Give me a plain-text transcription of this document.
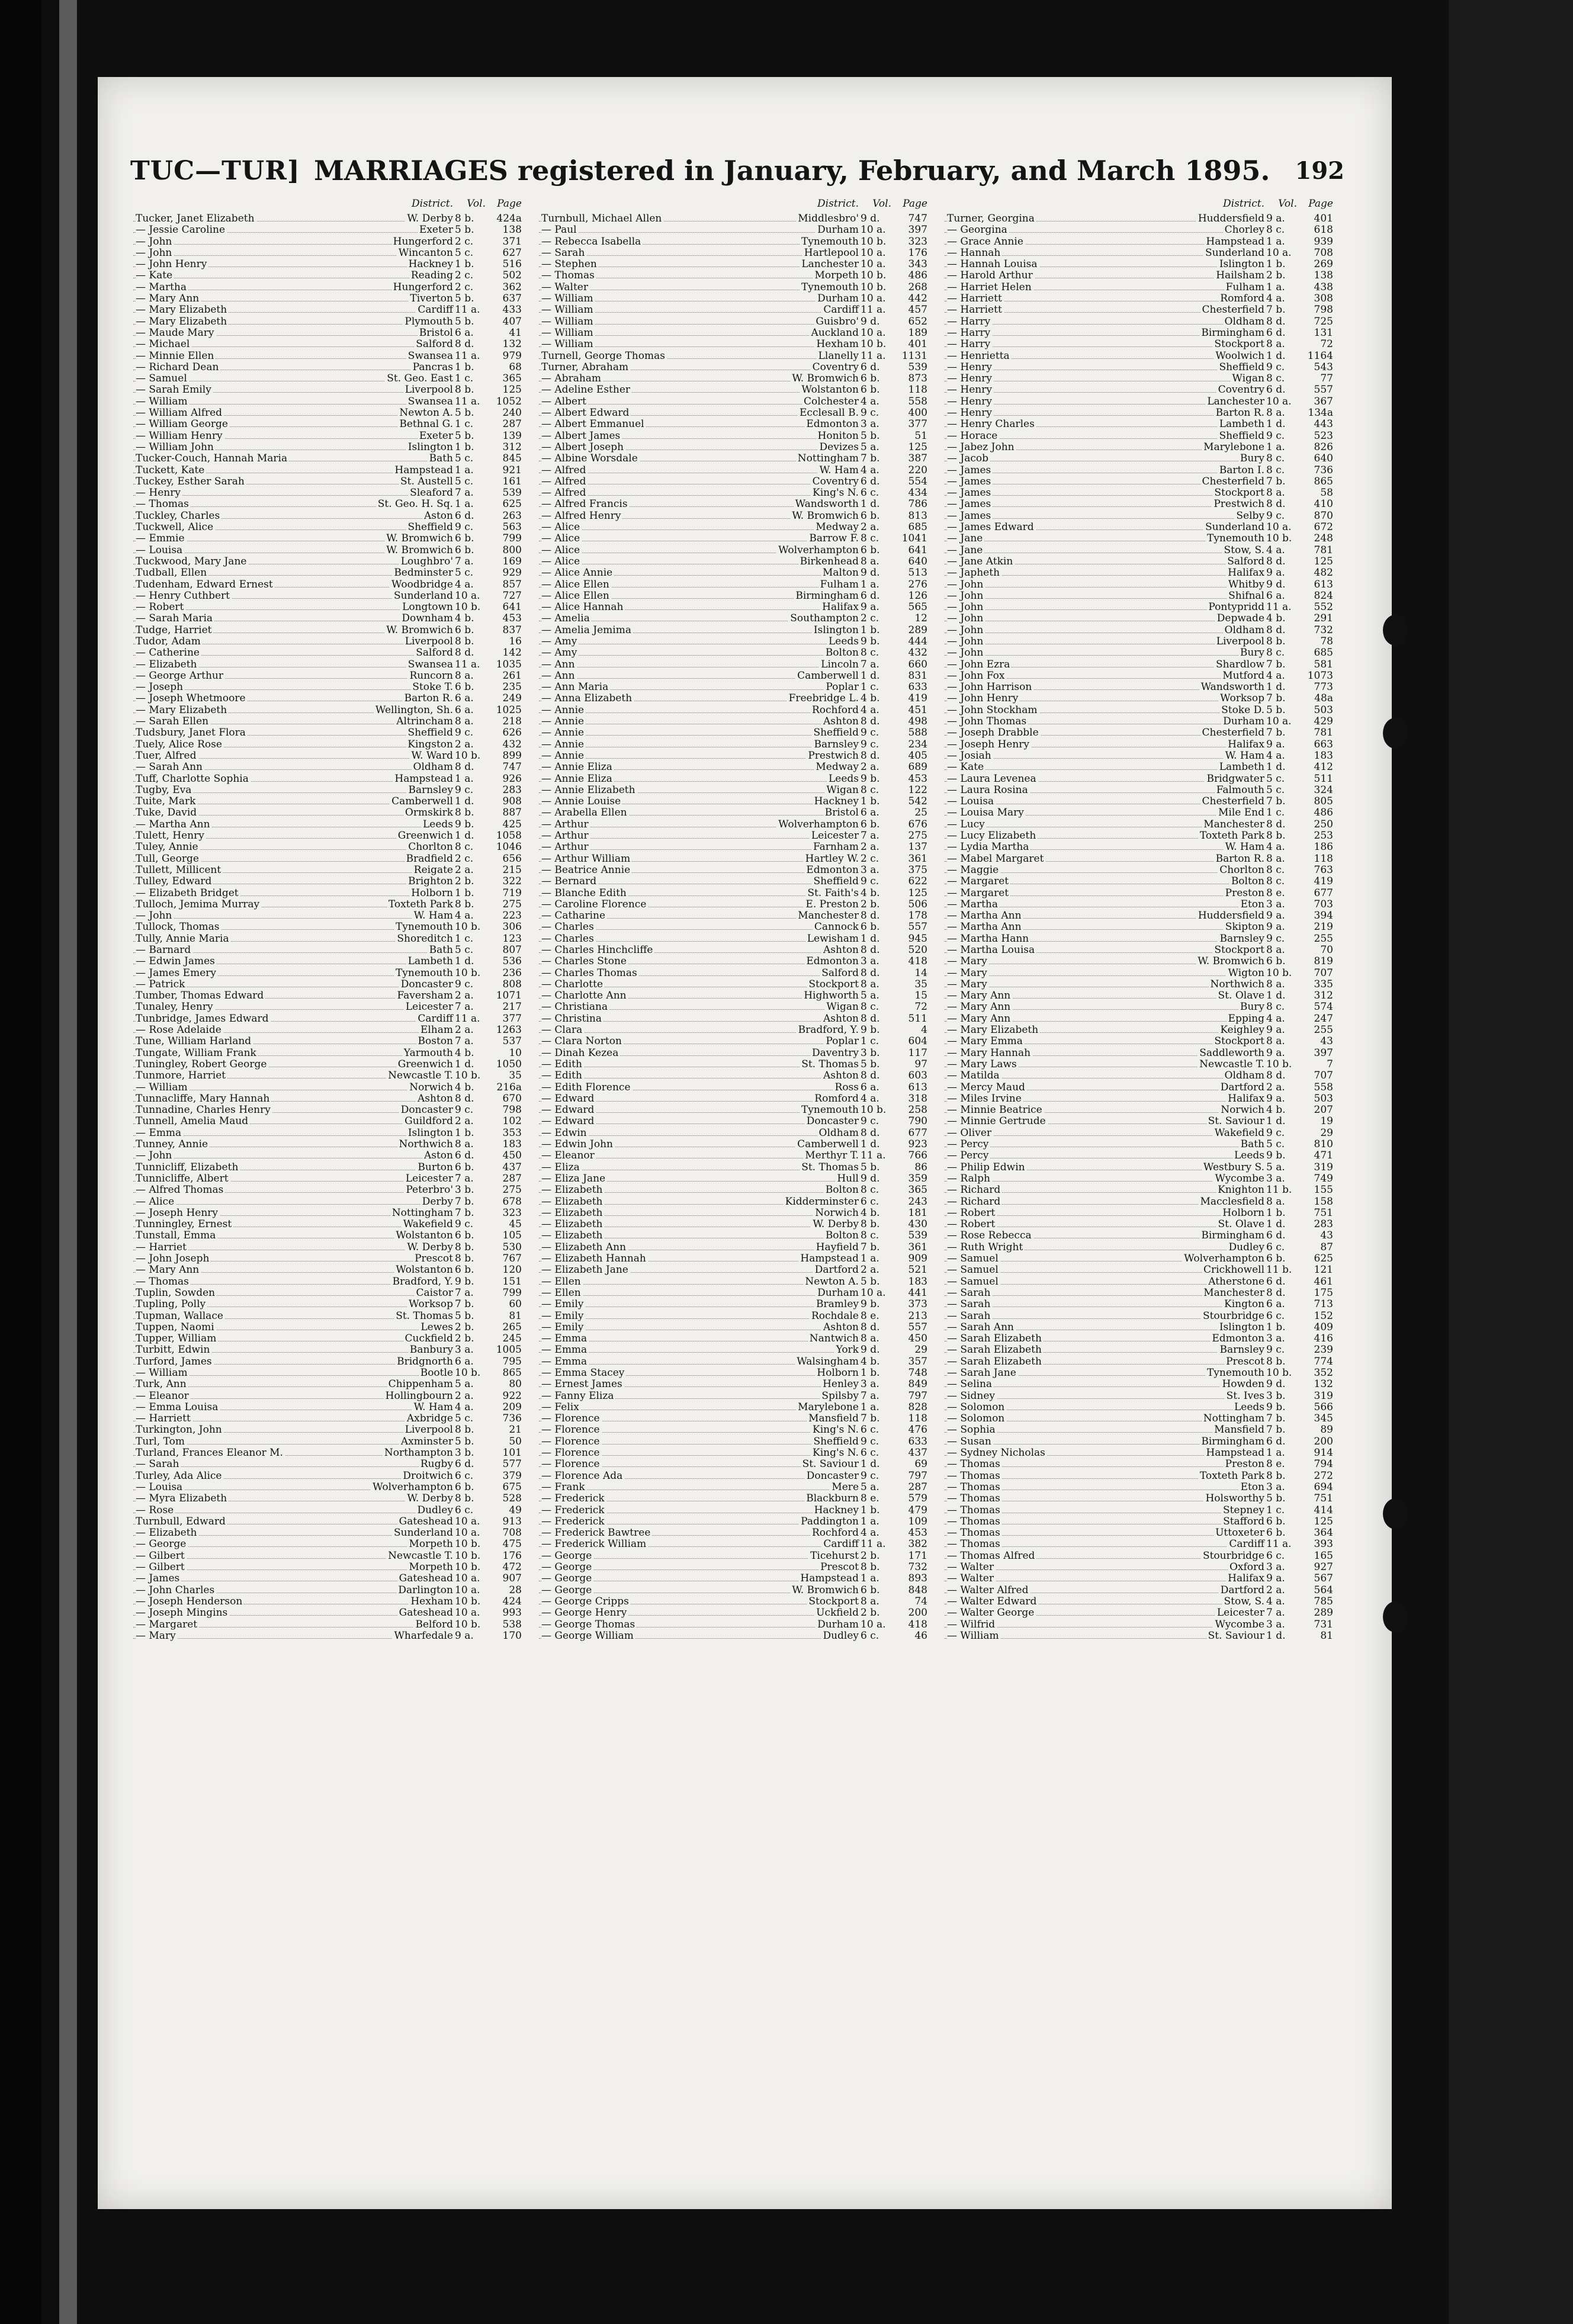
TUC—TUR] MARRIAGES registered in January, February, and March 1895. 192
District. Vol. Page
Tucker, Janet Elizabeth	W. Derby 8 b.	424a
— Jessie Caroline	Exeter 5 b.	138
— John	Hungerford 2 c.	371
— John	Wincanton 5 c.	627
— John Henry	Hackney 1 b.	516
— Kate	Reading 2 c.	502
— Martha	Hungerford 2 c.	362
— Mary Ann	Tiverton 5 b.	637
— Mary Elizabeth	Cardiff 11 a.	433
— Mary Elizabeth	Plymouth 5 b.	407
— Maude Mary	Bristol 6 a.	41
— Michael	Salford 8 d.	132
— Minnie Ellen	Swansea 11 a.	979
— Richard Dean	Pancras 1 b.	68
— Samuel	St. Geo. East 1 c.	365
— Sarah Emily	Liverpool 8 b.	125
— William	Swansea 11 a.	1052
— William Alfred	Newton A. 5 b.	240
— William George	Bethnal G. 1 c.	287
— William Henry	Exeter 5 b.	139
— William John	Islington 1 b.	312
Tucker-Couch, Hannah Maria	Bath 5 c.	845
Tuckett, Kate	Hampstead 1 a.	921
Tuckey, Esther Sarah	St. Austell 5 c.	161
— Henry	Sleaford 7 a.	539
— Thomas	St. Geo. H. Sq. 1 a.	625
Tuckley, Charles	Aston 6 d.	263
Tuckwell, Alice	Sheffield 9 c.	563
— Emmie	W. Bromwich 6 b.	799
— Louisa	W. Bromwich 6 b.	800
Tuckwood, Mary Jane	Loughbro' 7 a.	169
Tudball, Ellen	Bedminster 5 c.	929
Tudenham, Edward Ernest	Woodbridge 4 a.	857
— Henry Cuthbert	Sunderland 10 a.	727
— Robert	Longtown 10 b.	641
— Sarah Maria	Downham 4 b.	453
Tudge, Harriet	W. Bromwich 6 b.	837
Tudor, Adam	Liverpool 8 b.	16
— Catherine	Salford 8 d.	142
— Elizabeth	Swansea 11 a.	1035
— George Arthur	Runcorn 8 a.	261
— Joseph	Stoke T. 6 b.	235
— Joseph Whetmoore	Barton R. 6 a.	249
— Mary Elizabeth	Wellington, Sh. 6 a.	1025
— Sarah Ellen	Altrincham 8 a.	218
Tudsbury, Janet Flora	Sheffield 9 c.	626
Tuely, Alice Rose	Kingston 2 a.	432
Tuer, Alfred	W. Ward 10 b.	899
— Sarah Ann	Oldham 8 d.	747
Tuff, Charlotte Sophia	Hampstead 1 a.	926
Tugby, Eva	Barnsley 9 c.	283
Tuite, Mark	Camberwell 1 d.	908
Tuke, David	Ormskirk 8 b.	887
— Martha Ann	Leeds 9 b.	425
Tulett, Henry	Greenwich 1 d.	1058
Tuley, Annie	Chorlton 8 c.	1046
Tull, George	Bradfield 2 c.	656
Tullett, Millicent	Reigate 2 a.	215
Tulley, Edward	Brighton 2 b.	322
— Elizabeth Bridget	Holborn 1 b.	719
Tulloch, Jemima Murray	Toxteth Park 8 b.	275
— John	W. Ham 4 a.	223
Tullock, Thomas	Tynemouth 10 b.	306
Tully, Annie Maria	Shoreditch 1 c.	123
— Barnard	Bath 5 c.	807
— Edwin James	Lambeth 1 d.	536
— James Emery	Tynemouth 10 b.	236
— Patrick	Doncaster 9 c.	808
Tumber, Thomas Edward	Faversham 2 a.	1071
Tunaley, Henry	Leicester 7 a.	217
Tunbridge, James Edward	Cardiff 11 a.	377
— Rose Adelaide	Elham 2 a.	1263
Tune, William Harland	Boston 7 a.	537
Tungate, William Frank	Yarmouth 4 b.	10
Tuningley, Robert George	Greenwich 1 d.	1050
Tunmore, Harriet	Newcastle T. 10 b.	35
— William	Norwich 4 b.	216a
Tunnacliffe, Mary Hannah	Ashton 8 d.	670
Tunnadine, Charles Henry	Doncaster 9 c.	798
Tunnell, Amelia Maud	Guildford 2 a.	102
— Emma	Islington 1 b.	353
Tunney, Annie	Northwich 8 a.	183
— John	Aston 6 d.	450
Tunnicliff, Elizabeth	Burton 6 b.	437
Tunnicliffe, Albert	Leicester 7 a.	287
— Alfred Thomas	Peterbro' 3 b.	275
— Alice	Derby 7 b.	678
— Joseph Henry	Nottingham 7 b.	323
Tunningley, Ernest	Wakefield 9 c.	45
Tunstall, Emma	Wolstanton 6 b.	105
— Harriet	W. Derby 8 b.	530
— John Joseph	Prescot 8 b.	767
— Mary Ann	Wolstanton 6 b.	120
— Thomas	Bradford, Y. 9 b.	151
Tuplin, Sowden	Caistor 7 a.	799
Tupling, Polly	Worksop 7 b.	60
Tupman, Wallace	St. Thomas 5 b.	81
Tuppen, Naomi	Lewes 2 b.	265
Tupper, William	Cuckfield 2 b.	245
Turbitt, Edwin	Banbury 3 a.	1005
Turford, James	Bridgnorth 6 a.	795
— William	Bootle 10 b.	865
Turk, Ann	Chippenham 5 a.	80
— Eleanor	Hollingbourn 2 a.	922
— Emma Louisa	W. Ham 4 a.	209
— Harriett	Axbridge 5 c.	736
Turkington, John	Liverpool 8 b.	21
Turl, Tom	Axminster 5 b.	50
Turland, Frances Eleanor M.	Northampton 3 b.	101
— Sarah	Rugby 6 d.	577
Turley, Ada Alice	Droitwich 6 c.	379
— Louisa	Wolverhampton 6 b.	675
— Myra Elizabeth	W. Derby 8 b.	528
— Rose	Dudley 6 c.	49
Turnbull, Edward	Gateshead 10 a.	913
— Elizabeth	Sunderland 10 a.	708
— George	Morpeth 10 b.	475
— Gilbert	Newcastle T. 10 b.	176
— Gilbert	Morpeth 10 b.	472
— James	Gateshead 10 a.	907
— John Charles	Darlington 10 a.	28
— Joseph Henderson	Hexham 10 b.	424
— Joseph Mingins	Gateshead 10 a.	993
— Margaret	Belford 10 b.	538
— Mary	Wharfedale 9 a.	170
District. Vol. Page
Turnbull, Michael Allen	Middlesbro' 9 d.	747
— Paul	Durham 10 a.	397
— Rebecca Isabella	Tynemouth 10 b.	323
— Sarah	Hartlepool 10 a.	176
— Stephen	Lanchester 10 a.	343
— Thomas	Morpeth 10 b.	486
— Walter	Tynemouth 10 b.	268
— William	Durham 10 a.	442
— William	Cardiff 11 a.	457
— William	Guisbro' 9 d.	652
— William	Auckland 10 a.	189
— William	Hexham 10 b.	401
Turnell, George Thomas	Llanelly 11 a.	1131
Turner, Abraham	Coventry 6 d.	539
— Abraham	W. Bromwich 6 b.	873
— Adeline Esther	Wolstanton 6 b.	118
— Albert	Colchester 4 a.	558
— Albert Edward	Ecclesall B. 9 c.	400
— Albert Emmanuel	Edmonton 3 a.	377
— Albert James	Honiton 5 b.	51
— Albert Joseph	Devizes 5 a.	125
— Albine Worsdale	Nottingham 7 b.	387
— Alfred	W. Ham 4 a.	220
— Alfred	Coventry 6 d.	554
— Alfred	King's N. 6 c.	434
— Alfred Francis	Wandsworth 1 d.	786
— Alfred Henry	W. Bromwich 6 b.	813
— Alice	Medway 2 a.	685
— Alice	Barrow F. 8 c.	1041
— Alice	Wolverhampton 6 b.	641
— Alice	Birkenhead 8 a.	640
— Alice Annie	Malton 9 d.	513
— Alice Ellen	Fulham 1 a.	276
— Alice Ellen	Birmingham 6 d.	126
— Alice Hannah	Halifax 9 a.	565
— Amelia	Southampton 2 c.	12
— Amelia Jemima	Islington 1 b.	289
— Amy	Leeds 9 b.	444
— Amy	Bolton 8 c.	432
— Ann	Lincoln 7 a.	660
— Ann	Camberwell 1 d.	831
— Ann Maria	Poplar 1 c.	633
— Anna Elizabeth	Freebridge L. 4 b.	419
— Annie	Rochford 4 a.	451
— Annie	Ashton 8 d.	498
— Annie	Sheffield 9 c.	588
— Annie	Barnsley 9 c.	234
— Annie	Prestwich 8 d.	405
— Annie Eliza	Medway 2 a.	689
— Annie Eliza	Leeds 9 b.	453
— Annie Elizabeth	Wigan 8 c.	122
— Annie Louise	Hackney 1 b.	542
— Arabella Ellen	Bristol 6 a.	25
— Arthur	Wolverhampton 6 b.	676
— Arthur	Leicester 7 a.	275
— Arthur	Farnham 2 a.	137
— Arthur William	Hartley W. 2 c.	361
— Beatrice Annie	Edmonton 3 a.	375
— Bernard	Sheffield 9 c.	622
— Blanche Edith	St. Faith's 4 b.	125
— Caroline Florence	E. Preston 2 b.	506
— Catharine	Manchester 8 d.	178
— Charles	Cannock 6 b.	557
— Charles	Lewisham 1 d.	945
— Charles Hinchcliffe	Ashton 8 d.	520
— Charles Stone	Edmonton 3 a.	418
— Charles Thomas	Salford 8 d.	14
— Charlotte	Stockport 8 a.	35
— Charlotte Ann	Highworth 5 a.	15
— Christiana	Wigan 8 c.	72
— Christina	Ashton 8 d.	511
— Clara	Bradford, Y. 9 b.	4
— Clara Norton	Poplar 1 c.	604
— Dinah Kezea	Daventry 3 b.	117
— Edith	St. Thomas 5 b.	97
— Edith	Ashton 8 d.	603
— Edith Florence	Ross 6 a.	613
— Edward	Romford 4 a.	318
— Edward	Tynemouth 10 b.	258
— Edward	Doncaster 9 c.	790
— Edwin	Oldham 8 d.	677
— Edwin John	Camberwell 1 d.	923
— Eleanor	Merthyr T. 11 a.	766
— Eliza	St. Thomas 5 b.	86
— Eliza Jane	Hull 9 d.	359
— Elizabeth	Bolton 8 c.	365
— Elizabeth	Kidderminster 6 c.	243
— Elizabeth	Norwich 4 b.	181
— Elizabeth	W. Derby 8 b.	430
— Elizabeth	Bolton 8 c.	539
— Elizabeth Ann	Hayfield 7 b.	361
— Elizabeth Hannah	Hampstead 1 a.	909
— Elizabeth Jane	Dartford 2 a.	521
— Ellen	Newton A. 5 b.	183
— Ellen	Durham 10 a.	441
— Emily	Bramley 9 b.	373
— Emily	Rochdale 8 e.	213
— Emily	Ashton 8 d.	557
— Emma	Nantwich 8 a.	450
— Emma	York 9 d.	29
— Emma	Walsingham 4 b.	357
— Emma Stacey	Holborn 1 b.	748
— Ernest James	Henley 3 a.	849
— Fanny Eliza	Spilsby 7 a.	797
— Felix	Marylebone 1 a.	828
— Florence	Mansfield 7 b.	118
— Florence	King's N. 6 c.	476
— Florence	Sheffield 9 c.	633
— Florence	King's N. 6 c.	437
— Florence	St. Saviour 1 d.	69
— Florence Ada	Doncaster 9 c.	797
— Frank	Mere 5 a.	287
— Frederick	Blackburn 8 e.	579
— Frederick	Hackney 1 b.	479
— Frederick	Paddington 1 a.	109
— Frederick Bawtree	Rochford 4 a.	453
— Frederick William	Cardiff 11 a.	382
— George	Ticehurst 2 b.	171
— George	Prescot 8 b.	732
— George	Hampstead 1 a.	893
— George	W. Bromwich 6 b.	848
— George Cripps	Stockport 8 a.	74
— George Henry	Uckfield 2 b.	200
— George Thomas	Durham 10 a.	418
— George William	Dudley 6 c.	46
District. Vol. Page
Turner, Georgina	Huddersfield 9 a.	401
— Georgina	Chorley 8 c.	618
— Grace Annie	Hampstead 1 a.	939
— Hannah	Sunderland 10 a.	708
— Hannah Louisa	Islington 1 b.	269
— Harold Arthur	Hailsham 2 b.	138
— Harriet Helen	Fulham 1 a.	438
— Harriett	Romford 4 a.	308
— Harriett	Chesterfield 7 b.	798
— Harry	Oldham 8 d.	725
— Harry	Birmingham 6 d.	131
— Harry	Stockport 8 a.	72
— Henrietta	Woolwich 1 d.	1164
— Henry	Sheffield 9 c.	543
— Henry	Wigan 8 c.	77
— Henry	Coventry 6 d.	557
— Henry	Lanchester 10 a.	367
— Henry	Barton R. 8 a.	134a
— Henry Charles	Lambeth 1 d.	443
— Horace	Sheffield 9 c.	523
— Jabez John	Marylebone 1 a.	826
— Jacob	Bury 8 c.	640
— James	Barton I. 8 c.	736
— James	Chesterfield 7 b.	865
— James	Stockport 8 a.	58
— James	Prestwich 8 d.	410
— James	Selby 9 c.	870
— James Edward	Sunderland 10 a.	672
— Jane	Tynemouth 10 b.	248
— Jane	Stow, S. 4 a.	781
— Jane Atkin	Salford 8 d.	125
— Japheth	Halifax 9 a.	482
— John	Whitby 9 d.	613
— John	Shifnal 6 a.	824
— John	Pontypridd 11 a.	552
— John	Depwade 4 b.	291
— John	Oldham 8 d.	732
— John	Liverpool 8 b.	78
— John	Bury 8 c.	685
— John Ezra	Shardlow 7 b.	581
— John Fox	Mutford 4 a.	1073
— John Harrison	Wandsworth 1 d.	773
— John Henry	Worksop 7 b.	48a
— John Stockham	Stoke D. 5 b.	503
— John Thomas	Durham 10 a.	429
— Joseph Drabble	Chesterfield 7 b.	781
— Joseph Henry	Halifax 9 a.	663
— Josiah	W. Ham 4 a.	183
— Kate	Lambeth 1 d.	412
— Laura Levenea	Bridgwater 5 c.	511
— Laura Rosina	Falmouth 5 c.	324
— Louisa	Chesterfield 7 b.	805
— Louisa Mary	Mile End 1 c.	486
— Lucy	Manchester 8 d.	250
— Lucy Elizabeth	Toxteth Park 8 b.	253
— Lydia Martha	W. Ham 4 a.	186
— Mabel Margaret	Barton R. 8 a.	118
— Maggie	Chorlton 8 c.	763
— Margaret	Bolton 8 c.	419
— Margaret	Preston 8 e.	677
— Martha	Eton 3 a.	703
— Martha Ann	Huddersfield 9 a.	394
— Martha Ann	Skipton 9 a.	219
— Martha Hann	Barnsley 9 c.	255
— Martha Louisa	Stockport 8 a.	70
— Mary	W. Bromwich 6 b.	819
— Mary	Wigton 10 b.	707
— Mary	Northwich 8 a.	335
— Mary Ann	St. Olave 1 d.	312
— Mary Ann	Bury 8 c.	574
— Mary Ann	Epping 4 a.	247
— Mary Elizabeth	Keighley 9 a.	255
— Mary Emma	Stockport 8 a.	43
— Mary Hannah	Saddleworth 9 a.	397
— Mary Laws	Newcastle T. 10 b.	7
— Matilda	Oldham 8 d.	707
— Mercy Maud	Dartford 2 a.	558
— Miles Irvine	Halifax 9 a.	503
— Minnie Beatrice	Norwich 4 b.	207
— Minnie Gertrude	St. Saviour 1 d.	19
— Oliver	Wakefield 9 c.	29
— Percy	Bath 5 c.	810
— Percy	Leeds 9 b.	471
— Philip Edwin	Westbury S. 5 a.	319
— Ralph	Wycombe 3 a.	749
— Richard	Knighton 11 b.	155
— Richard	Macclesfield 8 a.	158
— Robert	Holborn 1 b.	751
— Robert	St. Olave 1 d.	283
— Rose Rebecca	Birmingham 6 d.	43
— Ruth Wright	Dudley 6 c.	87
— Samuel	Wolverhampton 6 b.	625
— Samuel	Crickhowell 11 b.	121
— Samuel	Atherstone 6 d.	461
— Sarah	Manchester 8 d.	175
— Sarah	Kington 6 a.	713
— Sarah	Stourbridge 6 c.	152
— Sarah Ann	Islington 1 b.	409
— Sarah Elizabeth	Edmonton 3 a.	416
— Sarah Elizabeth	Barnsley 9 c.	239
— Sarah Elizabeth	Prescot 8 b.	774
— Sarah Jane	Tynemouth 10 b.	352
— Selina	Howden 9 d.	132
— Sidney	St. Ives 3 b.	319
— Solomon	Leeds 9 b.	566
— Solomon	Nottingham 7 b.	345
— Sophia	Mansfield 7 b.	89
— Susan	Birmingham 6 d.	200
— Sydney Nicholas	Hampstead 1 a.	914
— Thomas	Preston 8 e.	794
— Thomas	Toxteth Park 8 b.	272
— Thomas	Eton 3 a.	694
— Thomas	Holsworthy 5 b.	751
— Thomas	Stepney 1 c.	414
— Thomas	Stafford 6 b.	125
— Thomas	Uttoxeter 6 b.	364
— Thomas	Cardiff 11 a.	393
— Thomas Alfred	Stourbridge 6 c.	165
— Walter	Oxford 3 a.	927
— Walter	Halifax 9 a.	567
— Walter Alfred	Dartford 2 a.	564
— Walter Edward	Stow, S. 4 a.	785
— Walter George	Leicester 7 a.	289
— Wilfrid	Wycombe 3 a.	731
— William	St. Saviour 1 d.	81
